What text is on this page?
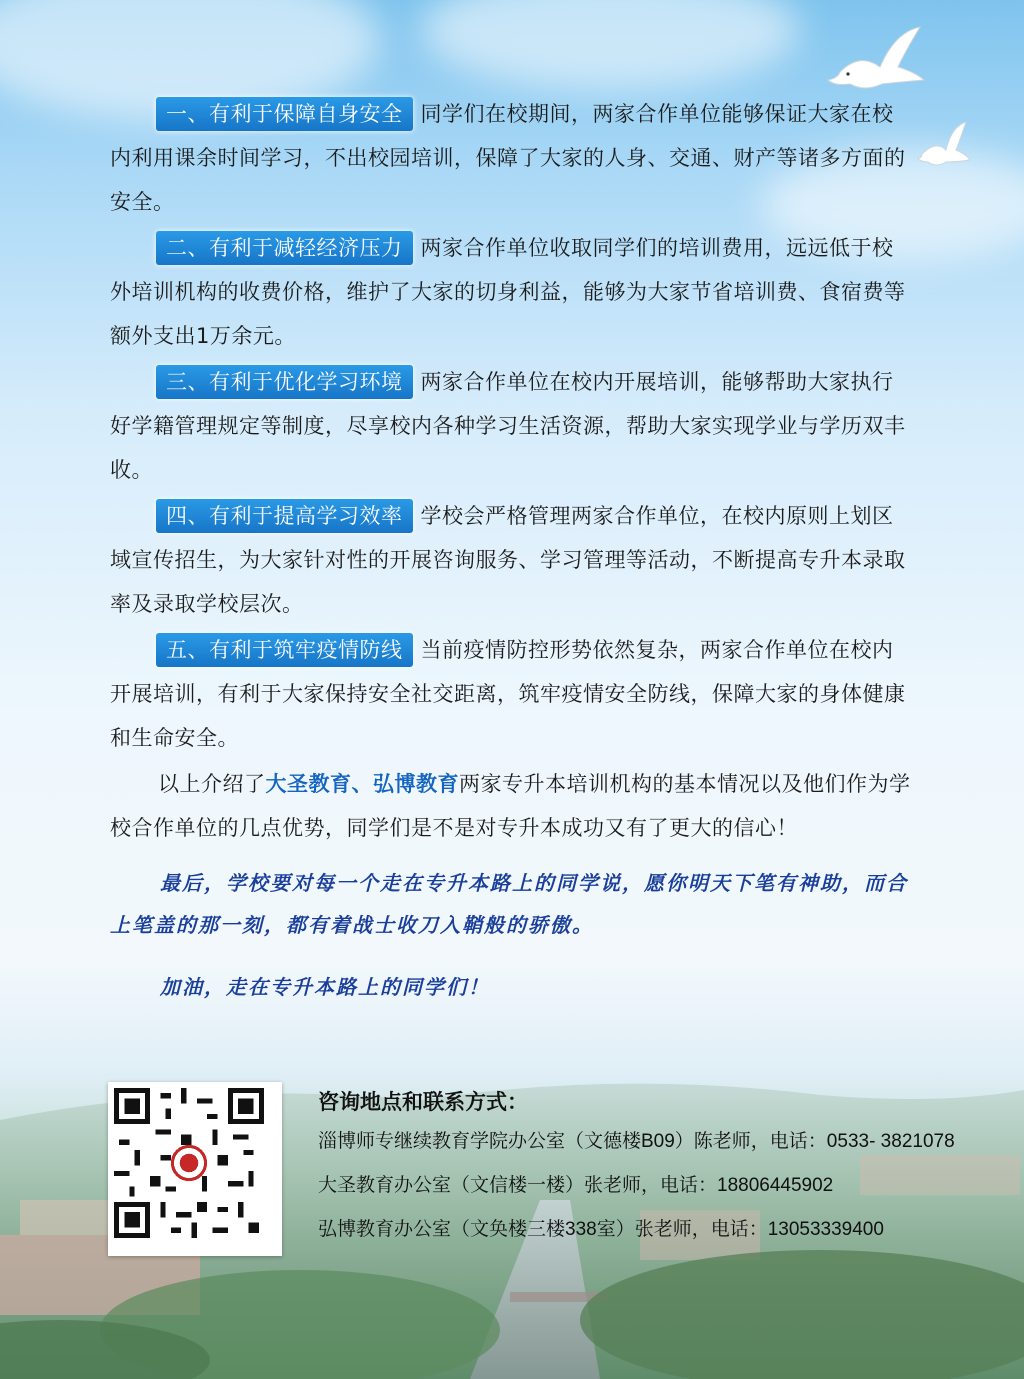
一、有利于保障自身安全 同学们在校期间，两家合作单位能够保证大家在校内利用课余时间学习，不出校园培训，保障了大家的人身、交通、财产等诸多方面的安全。

二、有利于减轻经济压力 两家合作单位收取同学们的培训费用，远远低于校外培训机构的收费价格，维护了大家的切身利益，能够为大家节省培训费、食宿费等额外支出1万余元。

三、有利于优化学习环境 两家合作单位在校内开展培训，能够帮助大家执行好学籍管理规定等制度，尽享校内各种学习生活资源，帮助大家实现学业与学历双丰收。

四、有利于提高学习效率 学校会严格管理两家合作单位，在校内原则上划区域宣传招生，为大家针对性的开展咨询服务、学习管理等活动，不断提高专升本录取率及录取学校层次。

五、有利于筑牢疫情防线 当前疫情防控形势依然复杂，两家合作单位在校内开展培训，有利于大家保持安全社交距离，筑牢疫情安全防线，保障大家的身体健康和生命安全。

以上介绍了大圣教育、弘博教育两家专升本培训机构的基本情况以及他们作为学校合作单位的几点优势，同学们是不是对专升本成功又有了更大的信心！

最后，学校要对每一个走在专升本路上的同学说，愿你明天下笔有神助，而合上笔盖的那一刻，都有着战士收刀入鞘般的骄傲。

加油，走在专升本路上的同学们！

咨询地点和联系方式：
淄博师专继续教育学院办公室（文德楼B09）陈老师，电话：0533- 3821078
大圣教育办公室（文信楼一楼）张老师，电话：18806445902
弘博教育办公室（文奂楼三楼338室）张老师，电话：13053339400
